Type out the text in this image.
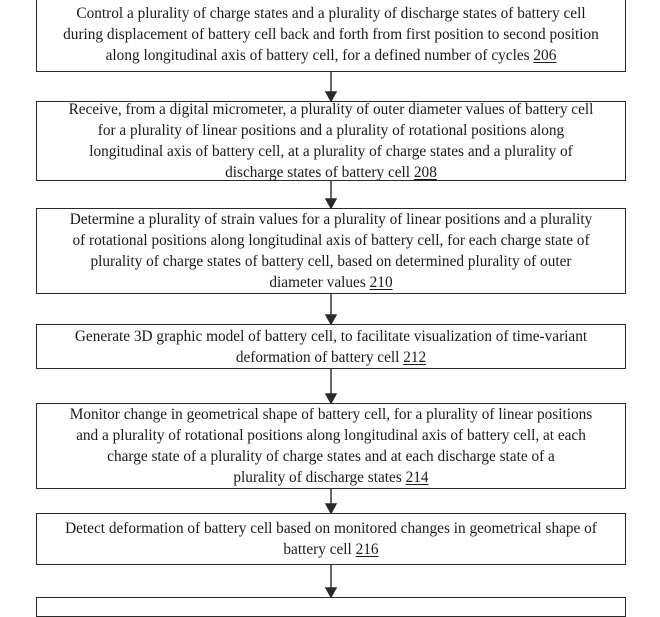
Control a plurality of charge states and a plurality of discharge states of battery cell
during displacement of battery cell back and forth from first position to second position
along longitudinal axis of battery cell, for a defined number of cycles 206
Receive, from a digital micrometer, a plurality of outer diameter values of battery cell
for a plurality of linear positions and a plurality of rotational positions along
longitudinal axis of battery cell, at a plurality of charge states and a plurality of
discharge states of battery cell 208
Determine a plurality of strain values for a plurality of linear positions and a plurality
of rotational positions along longitudinal axis of battery cell, for each charge state of
plurality of charge states of battery cell, based on determined plurality of outer
diameter values 210
Generate 3D graphic model of battery cell, to facilitate visualization of time-variant
deformation of battery cell 212
Monitor change in geometrical shape of battery cell, for a plurality of linear positions
and a plurality of rotational positions along longitudinal axis of battery cell, at each
charge state of a plurality of charge states and at each discharge state of a
plurality of discharge states 214
Detect deformation of battery cell based on monitored changes in geometrical shape of
battery cell 216
